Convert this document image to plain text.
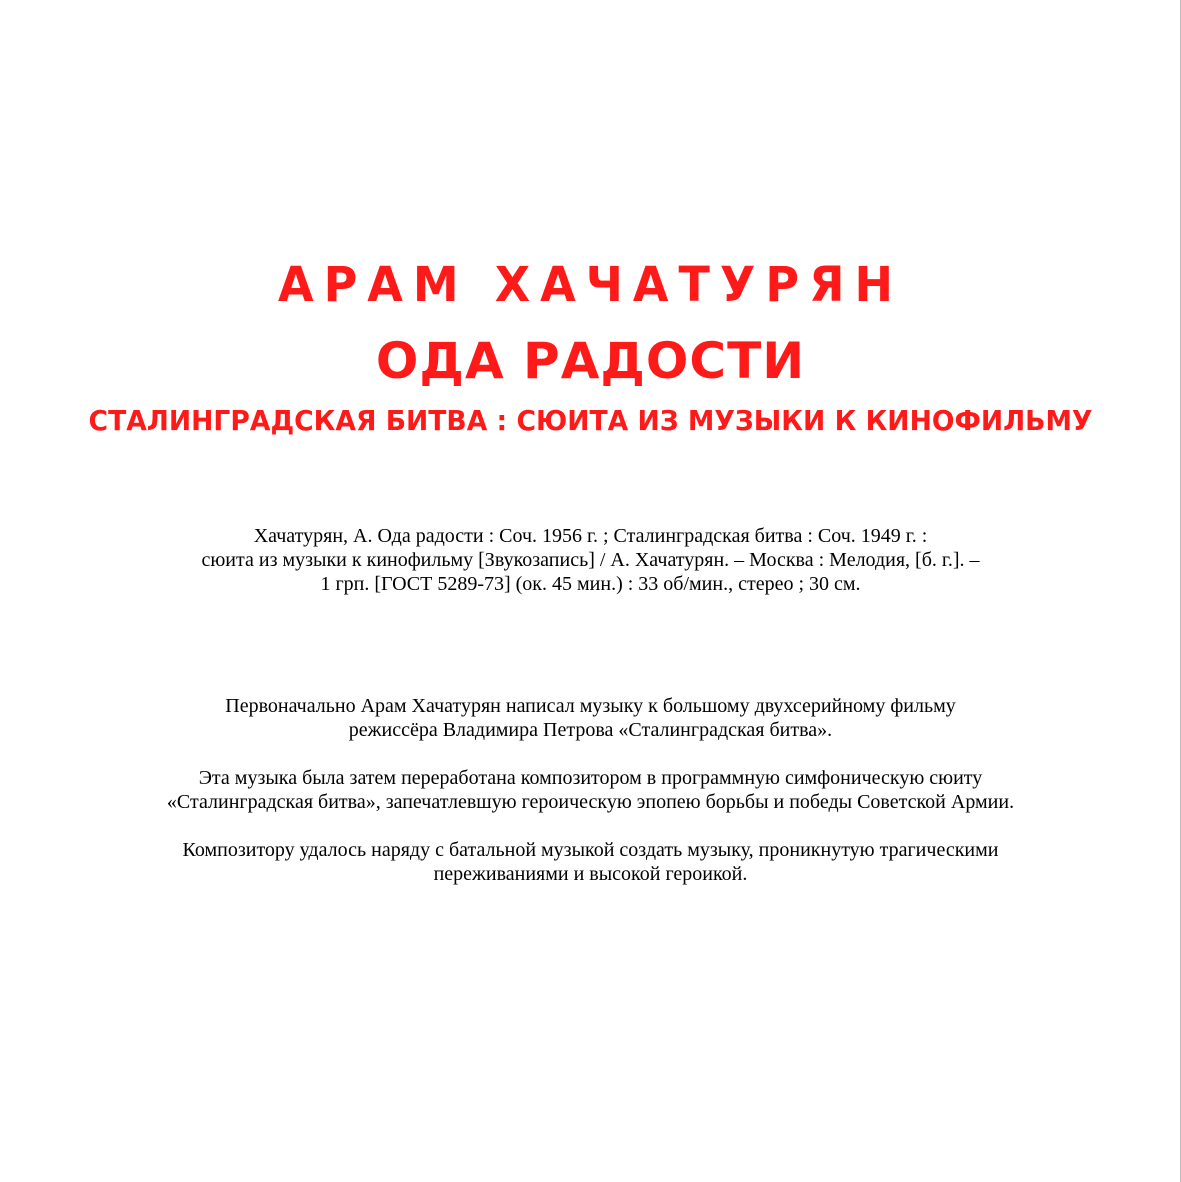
АРАМ ХАЧАТУРЯН
ОДА РАДОСТИ
СТАЛИНГРАДСКАЯ БИТВА : СЮИТА ИЗ МУЗЫКИ К КИНОФИЛЬМУ
Хачатурян, А. Ода радости : Соч. 1956 г. ; Сталинградская битва : Соч. 1949 г. :
сюита из музыки к кинофильму [Звукозапись] / А. Хачатурян. – Москва : Мелодия, [б. г.]. –
1 грп. [ГОСТ 5289-73] (ок. 45 мин.) : 33 об/мин., стерео ; 30 см.
Первоначально Арам Хачатурян написал музыку к большому двухсерийному фильму
режиссёра Владимира Петрова «Сталинградская битва».
Эта музыка была затем переработана композитором в программную симфоническую сюиту
«Сталинградская битва», запечатлевшую героическую эпопею борьбы и победы Советской Армии.
Композитору удалось наряду с батальной музыкой создать музыку, проникнутую трагическими
переживаниями и высокой героикой.
